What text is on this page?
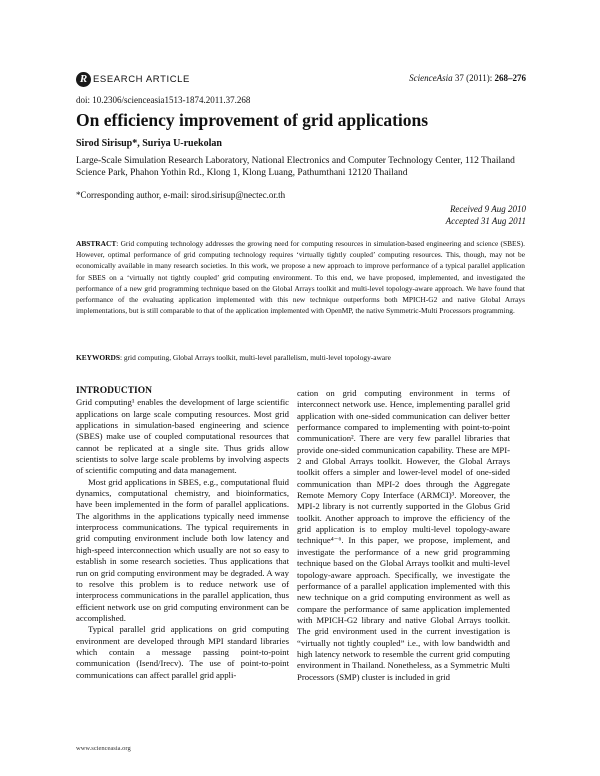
R ESEARCH ARTICLE	ScienceAsia 37 (2011): 268–276
doi: 10.2306/scienceasia1513-1874.2011.37.268
On efficiency improvement of grid applications
Sirod Sirisup*, Suriya U-ruekolan
Large-Scale Simulation Research Laboratory, National Electronics and Computer Technology Center, 112 Thailand Science Park, Phahon Yothin Rd., Klong 1, Klong Luang, Pathumthani 12120 Thailand
*Corresponding author, e-mail: sirod.sirisup@nectec.or.th
Received 9 Aug 2010
Accepted 31 Aug 2011

ABSTRACT: Grid computing technology addresses the growing need for computing resources in simulation-based engineering and science (SBES). However, optimal performance of grid computing technology requires ‘virtually tightly coupled’ computing resources. This, though, may not be economically available in many research societies. In this work, we propose a new approach to improve performance of a typical parallel application for SBES on a ‘virtually not tightly coupled’ grid computing environment. To this end, we have proposed, implemented, and investigated the performance of a new grid programming technique based on the Global Arrays toolkit and multi-level topology-aware approach. We have found that performance of the evaluating application implemented with this new technique outperforms both MPICH-G2 and native Global Arrays implementations, but is still comparable to that of the application implemented with OpenMP, the native Symmetric-Multi Processors programming.

KEYWORDS: grid computing, Global Arrays toolkit, multi-level parallelism, multi-level topology-aware

INTRODUCTION

Grid computing¹ enables the development of large scientific applications on large scale computing resources. Most grid applications in simulation-based engineering and science (SBES) make use of coupled computational resources that cannot be replicated at a single site. Thus grids allow scientists to solve large scale problems by involving aspects of scientific computing and data management.

Most grid applications in SBES, e.g., computational fluid dynamics, computational chemistry, and bioinformatics, have been implemented in the form of parallel applications. The algorithms in the applications typically need immense interprocess communications. The typical requirements in grid computing environment include both low latency and high-speed interconnection which usually are not so easy to establish in some research societies. Thus applications that run on grid computing environment may be degraded. A way to resolve this problem is to reduce network use of interprocess communications in the parallel application, thus efficient network use on grid computing environment can be accomplished.

Typical parallel grid applications on grid computing environment are developed through MPI standard libraries which contain a message passing point-to-point communication (Isend/Irecv). The use of point-to-point communications can affect parallel grid appli-

cation on grid computing environment in terms of interconnect network use. Hence, implementing parallel grid application with one-sided communication can deliver better performance compared to implementing with point-to-point communication². There are very few parallel libraries that provide one-sided communication capability. These are MPI-2 and Global Arrays toolkit. However, the Global Arrays toolkit offers a simpler and lower-level model of one-sided communication than MPI-2 does through the Aggregate Remote Memory Copy Interface (ARMCI)³. Moreover, the MPI-2 library is not currently supported in the Globus Grid toolkit. Another approach to improve the efficiency of the grid application is to employ multi-level topology-aware technique⁴⁻⁶. In this paper, we propose, implement, and investigate the performance of a new grid programming technique based on the Global Arrays toolkit and multi-level topology-aware approach. Specifically, we investigate the performance of a parallel application implemented with this new technique on a grid computing environment as well as compare the performance of same application implemented with MPICH-G2 library and native Global Arrays toolkit. The grid environment used in the current investigation is “virtually not tightly coupled” i.e., with low bandwidth and high latency network to resemble the current grid computing environment in Thailand. Nonetheless, as a Symmetric Multi Processors (SMP) cluster is included in grid

www.scienceasia.org
